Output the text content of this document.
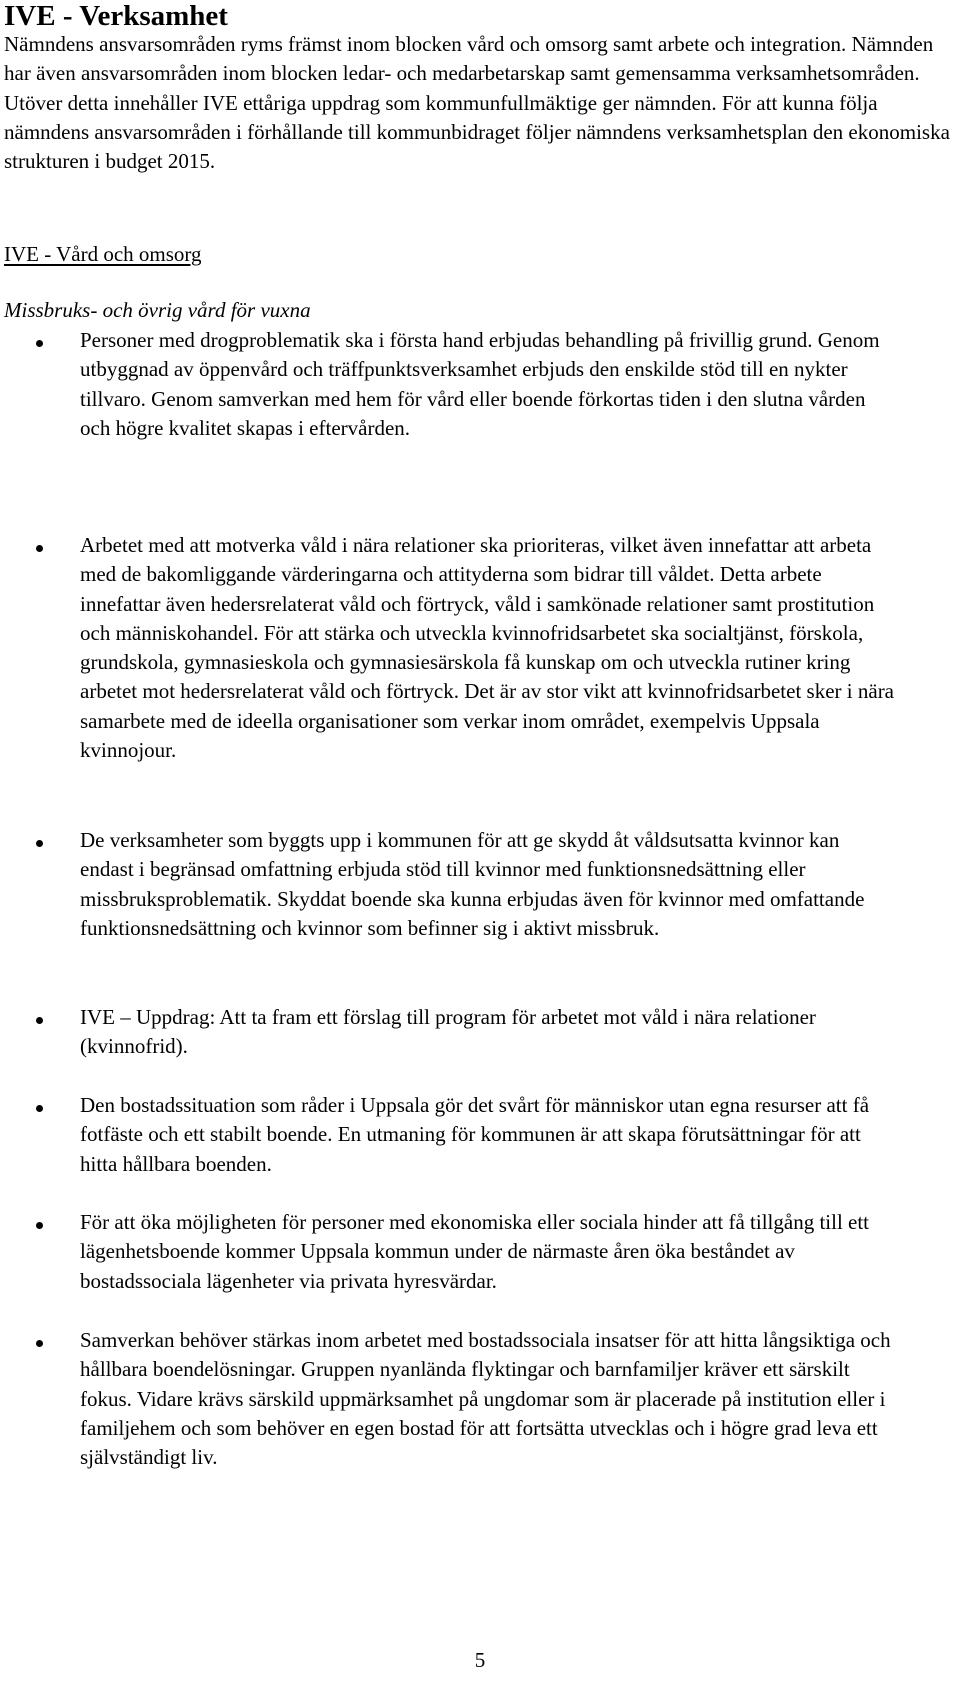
IVE - Verksamhet

Nämndens ansvarsområden ryms främst inom blocken vård och omsorg samt arbete och integration. Nämnden har även ansvarsområden inom blocken ledar- och medarbetarskap samt gemensamma verksamhetsområden. Utöver detta innehåller IVE ettåriga uppdrag som kommunfullmäktige ger nämnden. För att kunna följa nämndens ansvarsområden i förhållande till kommunbidraget följer nämndens verksamhetsplan den ekonomiska strukturen i budget 2015.

IVE - Vård och omsorg

Missbruks- och övrig vård för vuxna

Personer med drogproblematik ska i första hand erbjudas behandling på frivillig grund. Genom utbyggnad av öppenvård och träffpunktsverksamhet erbjuds den enskilde stöd till en nykter tillvaro. Genom samverkan med hem för vård eller boende förkortas tiden i den slutna vården och högre kvalitet skapas i eftervården.

Arbetet med att motverka våld i nära relationer ska prioriteras, vilket även innefattar att arbeta med de bakomliggande värderingarna och attityderna som bidrar till våldet. Detta arbete innefattar även hedersrelaterat våld och förtryck, våld i samkönade relationer samt prostitution och människohandel. För att stärka och utveckla kvinnofridsarbetet ska socialtjänst, förskola, grundskola, gymnasieskola och gymnasiesärskola få kunskap om och utveckla rutiner kring arbetet mot hedersrelaterat våld och förtryck. Det är av stor vikt att kvinnofridsarbetet sker i nära samarbete med de ideella organisationer som verkar inom området, exempelvis Uppsala kvinnojour.

De verksamheter som byggts upp i kommunen för att ge skydd åt våldsutsatta kvinnor kan endast i begränsad omfattning erbjuda stöd till kvinnor med funktionsnedsättning eller missbruksproblematik. Skyddat boende ska kunna erbjudas även för kvinnor med omfattande funktionsnedsättning och kvinnor som befinner sig i aktivt missbruk.

IVE – Uppdrag: Att ta fram ett förslag till program för arbetet mot våld i nära relationer (kvinnofrid).

Den bostadssituation som råder i Uppsala gör det svårt för människor utan egna resurser att få fotfäste och ett stabilt boende. En utmaning för kommunen är att skapa förutsättningar för att hitta hållbara boenden.

För att öka möjligheten för personer med ekonomiska eller sociala hinder att få tillgång till ett lägenhetsboende kommer Uppsala kommun under de närmaste åren öka beståndet av bostadssociala lägenheter via privata hyresvärdar.

Samverkan behöver stärkas inom arbetet med bostadssociala insatser för att hitta långsiktiga och hållbara boendelösningar. Gruppen nyanlända flyktingar och barnfamiljer kräver ett särskilt fokus. Vidare krävs särskild uppmärksamhet på ungdomar som är placerade på institution eller i familjehem och som behöver en egen bostad för att fortsätta utvecklas och i högre grad leva ett självständigt liv.

5
